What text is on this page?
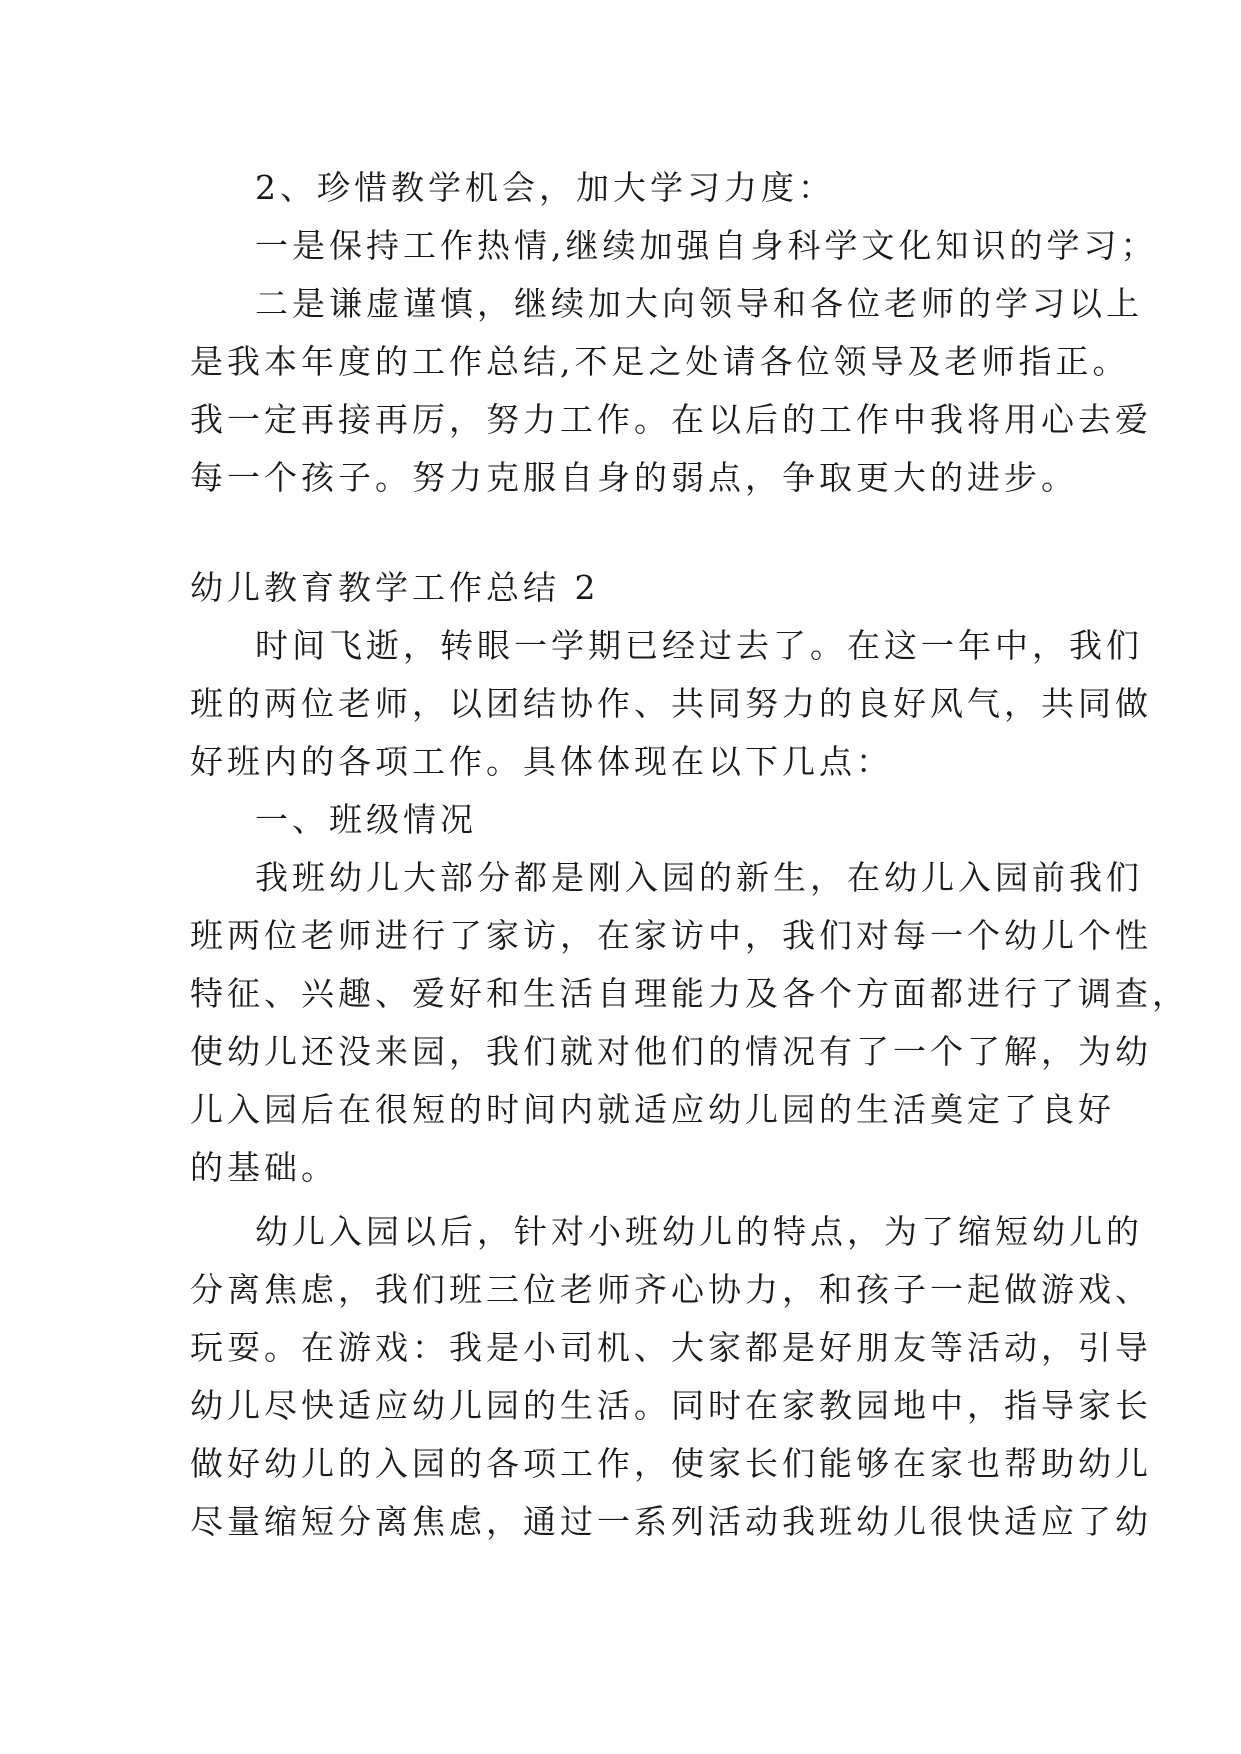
2、珍惜教学机会，加大学习力度：
一是保持工作热情,继续加强自身科学文化知识的学习；
二是谦虚谨慎，继续加大向领导和各位老师的学习以上
是我本年度的工作总结,不足之处请各位领导及老师指正。
我一定再接再厉，努力工作。在以后的工作中我将用心去爱
每一个孩子。努力克服自身的弱点，争取更大的进步。
幼儿教育教学工作总结 2
时间飞逝，转眼一学期已经过去了。在这一年中，我们
班的两位老师，以团结协作、共同努力的良好风气，共同做
好班内的各项工作。具体体现在以下几点：
一、班级情况
我班幼儿大部分都是刚入园的新生，在幼儿入园前我们
班两位老师进行了家访，在家访中，我们对每一个幼儿个性
特征、兴趣、爱好和生活自理能力及各个方面都进行了调查，
使幼儿还没来园，我们就对他们的情况有了一个了解，为幼
儿入园后在很短的时间内就适应幼儿园的生活奠定了良好
的基础。
幼儿入园以后，针对小班幼儿的特点，为了缩短幼儿的
分离焦虑，我们班三位老师齐心协力，和孩子一起做游戏、
玩耍。在游戏：我是小司机、大家都是好朋友等活动，引导
幼儿尽快适应幼儿园的生活。同时在家教园地中，指导家长
做好幼儿的入园的各项工作，使家长们能够在家也帮助幼儿
尽量缩短分离焦虑，通过一系列活动我班幼儿很快适应了幼
